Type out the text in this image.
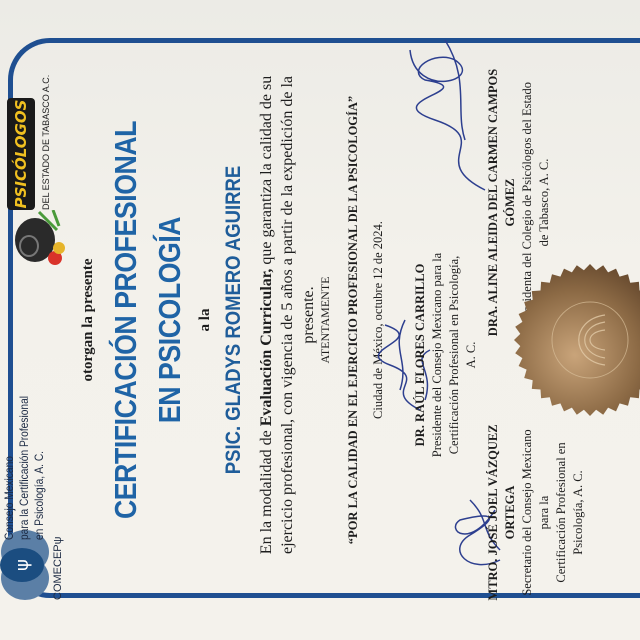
ψ COMECEPψ
Consejo Mexicano para la Certificación Profesional en Psicología, A. C.
PSICÓLOGOS	DEL ESTADO DE TABASCO A.C.
otorgan la presente CERTIFICACIÓN PROFESIONAL EN PSICOLOGÍA a la PSIC. GLADYS ROMERO AGUIRRE
En la modalidad de Evaluación Curricular, que garantiza la calidad de su ejercicio profesional, con vigencia de 5 años a partir de la expedición de la presente. ATENTAMENTE “POR LA CALIDAD EN EL EJERCICIO PROFESIONAL DE LA PSICOLOGÍA” Ciudad de México, octubre 12 de 2024. DR. RAÚL FLORES CARRILLO Presidente del Consejo Mexicano para la Certificación Profesional en Psicología, A. C.
MTRO. JOSÉ JOEL VÁZQUEZ ORTEGA Secretario del Consejo Mexicano para la Certificación Profesional en Psicología, A. C.
DRA. ALINE ALEIDA DEL CARMEN CAMPOS GÓMEZ Presidenta del Colegio de Psicólogos del Estado de Tabasco, A. C.
